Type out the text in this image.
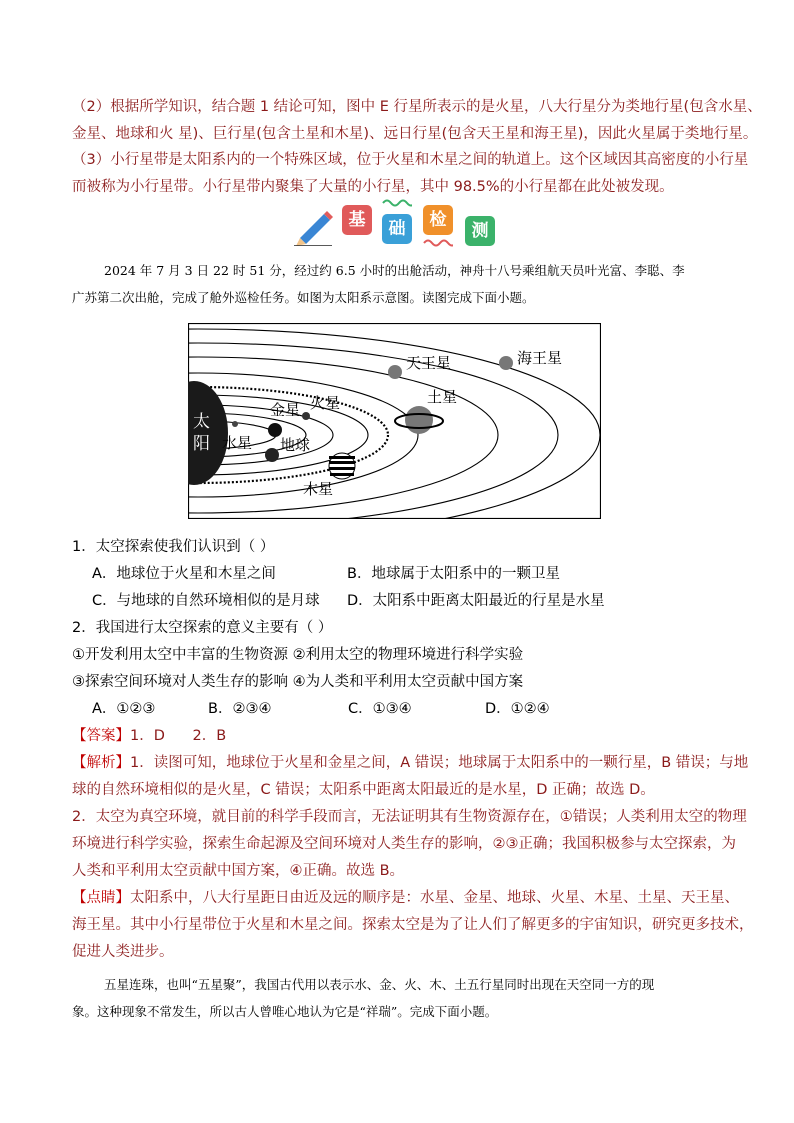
（2）根据所学知识，结合题 1 结论可知，图中 E 行星所表示的是火星，八大行星分为类地行星(包含水星、
金星、地球和火 星)、巨行星(包含土星和木星)、远日行星(包含天王星和海王星)，因此火星属于类地行星。
（3）小行星带是太阳系内的一个特殊区域，位于火星和木星之间的轨道上。这个区域因其高密度的小行星
而被称为小行星带。小行星带内聚集了大量的小行星，其中 98.5%的小行星都在此处被发现。
基	础	检
测
2024 年 7 月 3 日 22 时 51 分，经过约 6.5 小时的出舱活动，神舟十八号乘组航天员叶光富、李聪、李
广苏第二次出舱，完成了舱外巡检任务。如图为太阳系示意图。读图完成下面小题。
太
阳 水星
金星
地球
火星
木星
土星
天王星	海王星
1．太空探索使我们认识到（ ）
A．地球位于火星和木星之间	B．地球属于太阳系中的一颗卫星
C．与地球的自然环境相似的是月球 D．太阳系中距离太阳最近的行星是水星
2．我国进行太空探索的意义主要有（ ）
①开发利用太空中丰富的生物资源 ②利用太空的物理环境进行科学实验
③探索空间环境对人类生存的影响 ④为人类和平利用太空贡献中国方案
A．①②③	B．②③④	C．①③④	D．①②④
【答案】1．D      2．B
【解析】1．读图可知，地球位于火星和金星之间，A 错误；地球属于太阳系中的一颗行星，B 错误；与地
球的自然环境相似的是火星，C 错误；太阳系中距离太阳最近的是水星，D 正确；故选 D。
2．太空为真空环境，就目前的科学手段而言，无法证明其有生物资源存在，①错误；人类利用太空的物理
环境进行科学实验，探索生命起源及空间环境对人类生存的影响，②③正确；我国积极参与太空探索，为
人类和平利用太空贡献中国方案，④正确。故选 B。
【点睛】太阳系中，八大行星距日由近及远的顺序是：水星、金星、地球、火星、木星、土星、天王星、
海王星。其中小行星带位于火星和木星之间。探索太空是为了让人们了解更多的宇宙知识，研究更多技术，
促进人类进步。
五星连珠，也叫“五星聚”，我国古代用以表示水、金、火、木、土五行星同时出现在天空同一方的现
象。这种现象不常发生，所以古人曾唯心地认为它是“祥瑞”。完成下面小题。
